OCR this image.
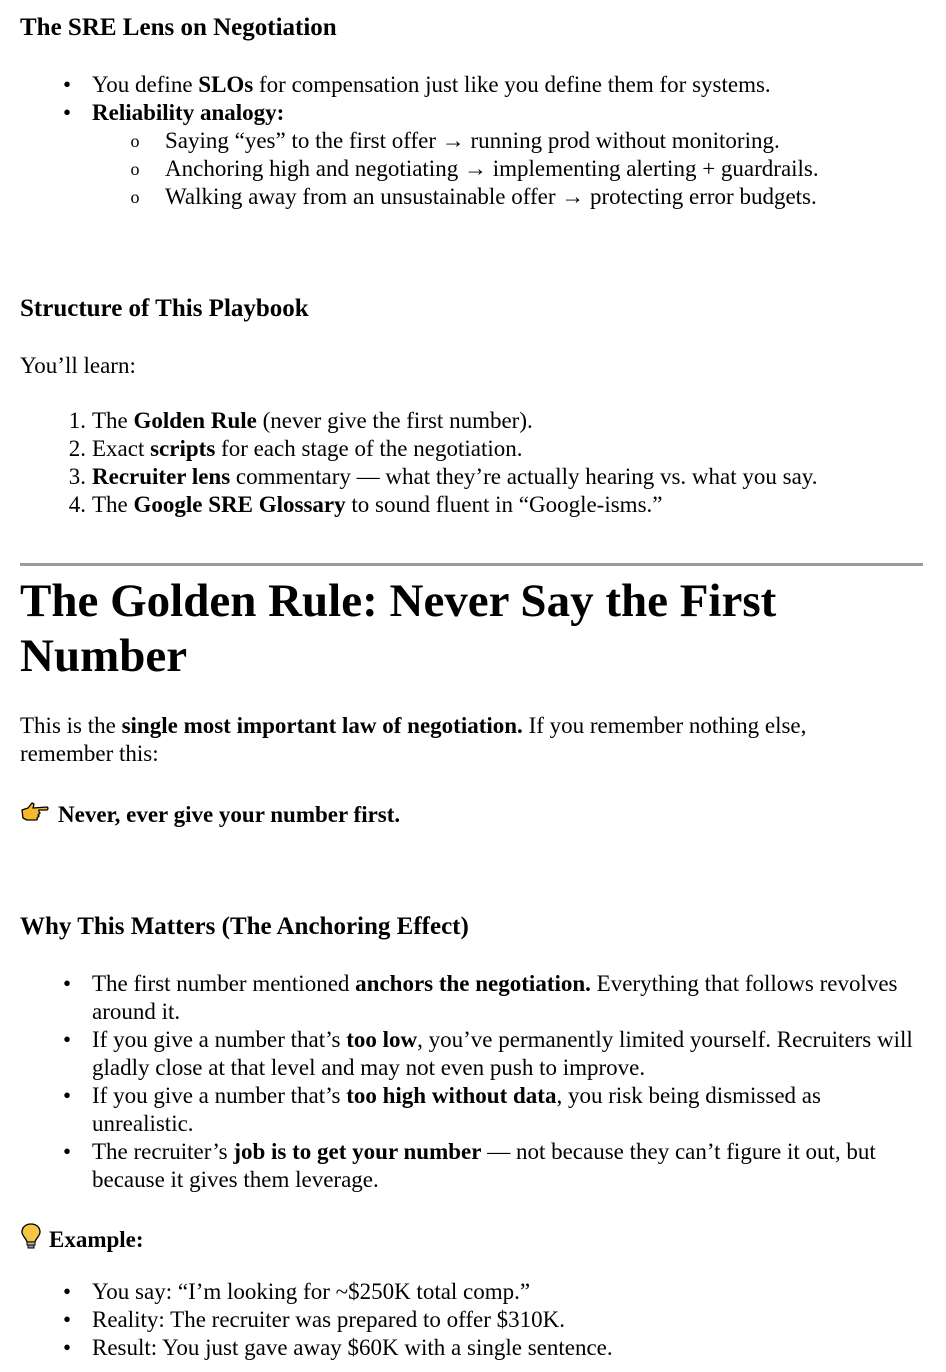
The SRE Lens on Negotiation
• You define SLOs for compensation just like you define them for systems.
• Reliability analogy:
o Saying “yes” to the first offer → running prod without monitoring.
o Anchoring high and negotiating → implementing alerting + guardrails.
o Walking away from an unsustainable offer → protecting error budgets.
Structure of This Playbook

You’ll learn:

1. The Golden Rule (never give the first number).
2. Exact scripts for each stage of the negotiation.
3. Recruiter lens commentary — what they’re actually hearing vs. what you say.
4. The Google SRE Glossary to sound fluent in “Google-isms.”
The Golden Rule: Never Say the First Number

This is the single most important law of negotiation. If you remember nothing else, remember this:

Never, ever give your number first.
Why This Matters (The Anchoring Effect)
• The first number mentioned anchors the negotiation. Everything that follows revolves around it.
• If you give a number that’s too low, you’ve permanently limited yourself. Recruiters will gladly close at that level and may not even push to improve.
• If you give a number that’s too high without data, you risk being dismissed as unrealistic.
• The recruiter’s job is to get your number — not because they can’t figure it out, but because it gives them leverage.
Example:
• You say: “I’m looking for ~$250K total comp.”
• Reality: The recruiter was prepared to offer $310K.
• Result: You just gave away $60K with a single sentence.
